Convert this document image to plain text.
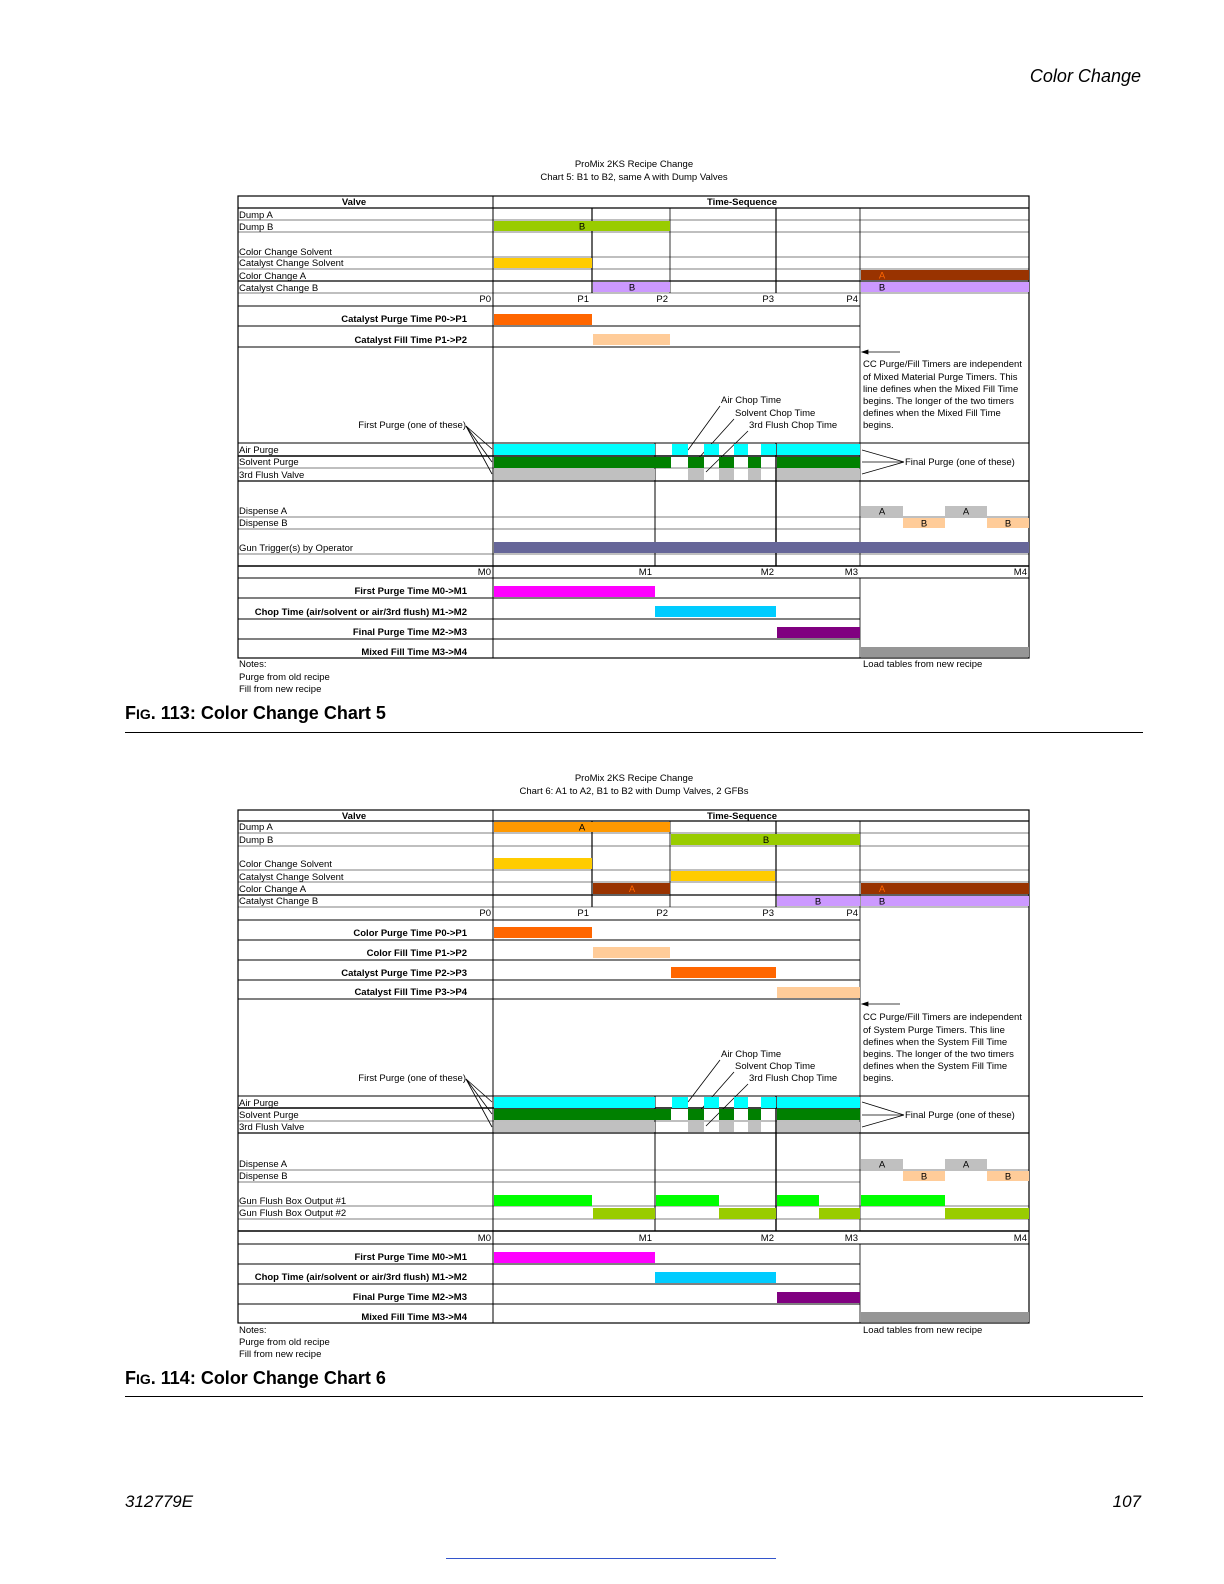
Color Change
ProMix 2KS Recipe Change
Chart 5: B1 to B2, same A with Dump Valves
Valve	Time-Sequence
Dump A
Dump B
Color Change Solvent
Catalyst Change Solvent
Color Change A
Catalyst Change B
B
A
B	B
P0	P1	P2	P3	P4
Catalyst Purge Time P0->P1
Catalyst Fill Time P1->P2
CC Purge/Fill Timers are independent
of Mixed Material Purge Timers. This
line defines when the Mixed Fill Time
begins. The longer of the two timers
defines when the Mixed Fill Time
begins.
Air Chop Time
Solvent Chop Time
3rd Flush Chop Time
First Purge (one of these)
Air Purge
Solvent Purge
3rd Flush Valve
Final Purge (one of these)
Dispense A
Dispense B
A	A
B	B
Gun Trigger(s) by Operator
M0	M1	M2	M3	M4
First Purge Time M0->M1
Chop Time (air/solvent or air/3rd flush) M1->M2
Final Purge Time M2->M3
Mixed Fill Time M3->M4
Notes:
Purge from old recipe
Fill from new recipe
Load tables from new recipe
FIG. 113: Color Change Chart 5
ProMix 2KS Recipe Change
Chart 6: A1 to A2, B1 to B2 with Dump Valves, 2 GFBs
Valve	Time-Sequence
Dump A
Dump B
Color Change Solvent
Catalyst Change Solvent
Color Change A
Catalyst Change B
A
B
A	A
B	B
P0	P1	P2	P3	P4
Color Purge Time P0->P1
Color Fill Time P1->P2
Catalyst Purge Time P2->P3
Catalyst Fill Time P3->P4
CC Purge/Fill Timers are independent
of System Purge Timers. This line
defines when the System Fill Time
begins. The longer of the two timers
defines when the System Fill Time
begins.
Air Chop Time
Solvent Chop Time
3rd Flush Chop Time
First Purge (one of these)
Air Purge
Solvent Purge
3rd Flush Valve
Final Purge (one of these)
Dispense A
Dispense B
A	A
B	B
Gun Flush Box Output #1
Gun Flush Box Output #2
M0	M1	M2	M3	M4
First Purge Time M0->M1
Chop Time (air/solvent or air/3rd flush) M1->M2
Final Purge Time M2->M3
Mixed Fill Time M3->M4
Notes:
Purge from old recipe
Fill from new recipe
Load tables from new recipe
FIG. 114: Color Change Chart 6
312779E	107
